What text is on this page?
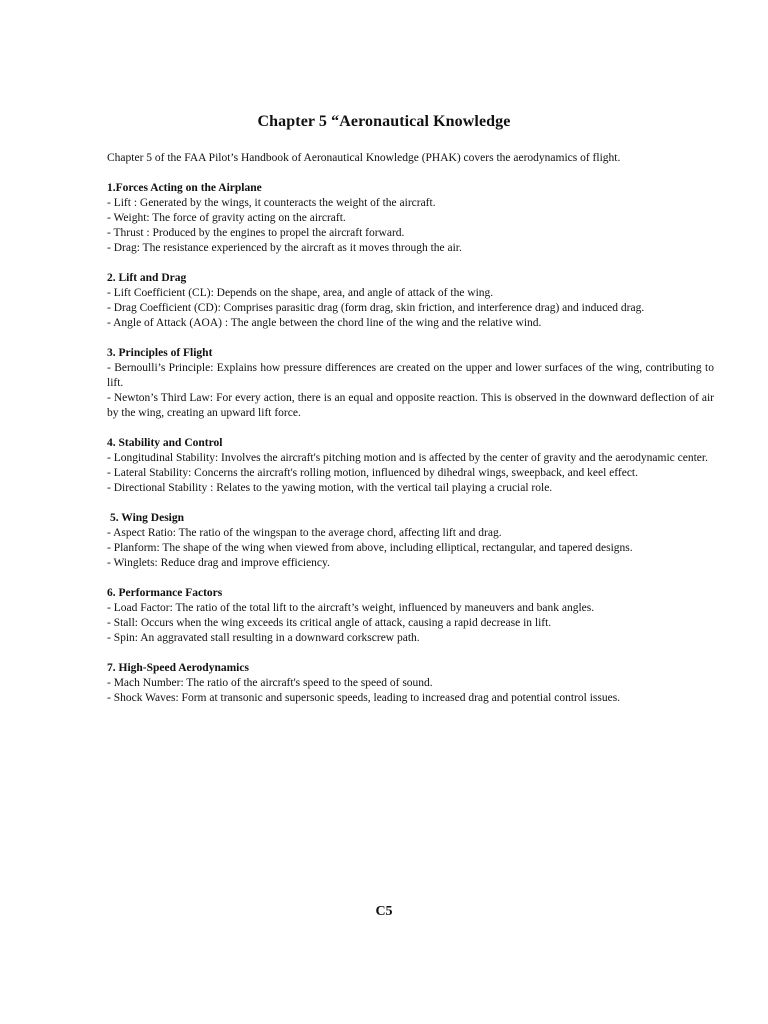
Chapter 5 “Aeronautical Knowledge

Chapter 5 of the FAA Pilot’s Handbook of Aeronautical Knowledge (PHAK) covers the aerodynamics of flight.

1.Forces Acting on the Airplane

- Lift : Generated by the wings, it counteracts the weight of the aircraft.

- Weight: The force of gravity acting on the aircraft.

- Thrust : Produced by the engines to propel the aircraft forward.

- Drag: The resistance experienced by the aircraft as it moves through the air.

2. Lift and Drag

- Lift Coefficient (CL): Depends on the shape, area, and angle of attack of the wing.

- Drag Coefficient (CD): Comprises parasitic drag (form drag, skin friction, and interference drag) and induced drag.

- Angle of Attack (AOA) : The angle between the chord line of the wing and the relative wind.

3. Principles of Flight

- Bernoulli’s Principle: Explains how pressure differences are created on the upper and lower surfaces of the wing, contributing to lift.

- Newton’s Third Law: For every action, there is an equal and opposite reaction. This is observed in the downward deflection of air by the wing, creating an upward lift force.

4. Stability and Control

- Longitudinal Stability: Involves the aircraft's pitching motion and is affected by the center of gravity and the aerodynamic center.

- Lateral Stability: Concerns the aircraft's rolling motion, influenced by dihedral wings, sweepback, and keel effect.

- Directional Stability : Relates to the yawing motion, with the vertical tail playing a crucial role.

5. Wing Design

- Aspect Ratio: The ratio of the wingspan to the average chord, affecting lift and drag.

- Planform: The shape of the wing when viewed from above, including elliptical, rectangular, and tapered designs.

- Winglets: Reduce drag and improve efficiency.

6. Performance Factors

- Load Factor: The ratio of the total lift to the aircraft’s weight, influenced by maneuvers and bank angles.

- Stall: Occurs when the wing exceeds its critical angle of attack, causing a rapid decrease in lift.

- Spin: An aggravated stall resulting in a downward corkscrew path.

7. High-Speed Aerodynamics

- Mach Number: The ratio of the aircraft's speed to the speed of sound.

- Shock Waves: Form at transonic and supersonic speeds, leading to increased drag and potential control issues.

C5
